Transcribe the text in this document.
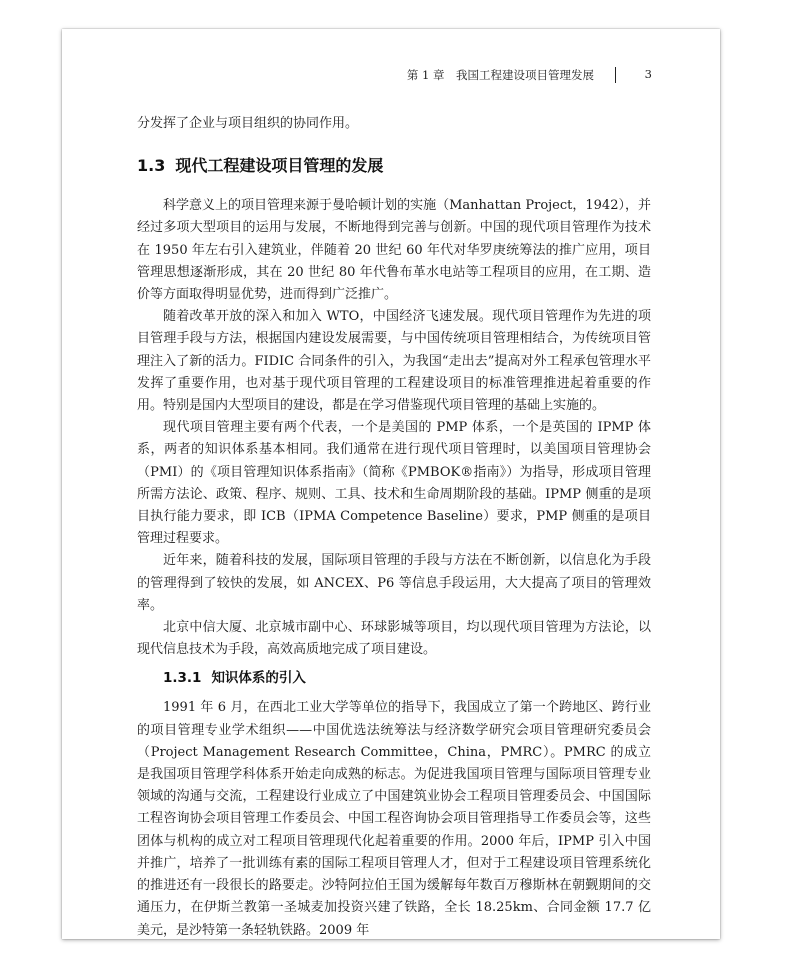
第 1 章　我国工程建设项目管理发展	3

分发挥了企业与项目组织的协同作用。

1.3 现代工程建设项目管理的发展

科学意义上的项目管理来源于曼哈顿计划的实施（Manhattan Project，1942），并经过多项大型项目的运用与发展，不断地得到完善与创新。中国的现代项目管理作为技术在 1950 年左右引入建筑业，伴随着 20 世纪 60 年代对华罗庚统筹法的推广应用，项目管理思想逐渐形成，其在 20 世纪 80 年代鲁布革水电站等工程项目的应用，在工期、造价等方面取得明显优势，进而得到广泛推广。

随着改革开放的深入和加入 WTO，中国经济飞速发展。现代项目管理作为先进的项目管理手段与方法，根据国内建设发展需要，与中国传统项目管理相结合，为传统项目管理注入了新的活力。FIDIC 合同条件的引入，为我国“走出去”提高对外工程承包管理水平发挥了重要作用，也对基于现代项目管理的工程建设项目的标准管理推进起着重要的作用。特别是国内大型项目的建设，都是在学习借鉴现代项目管理的基础上实施的。

现代项目管理主要有两个代表，一个是美国的 PMP 体系，一个是英国的 IPMP 体系，两者的知识体系基本相同。我们通常在进行现代项目管理时，以美国项目管理协会（PMI）的《项目管理知识体系指南》（简称《PMBOK®指南》）为指导，形成项目管理所需方法论、政策、程序、规则、工具、技术和生命周期阶段的基础。IPMP 侧重的是项目执行能力要求，即 ICB（IPMA Competence Baseline）要求，PMP 侧重的是项目管理过程要求。

近年来，随着科技的发展，国际项目管理的手段与方法在不断创新，以信息化为手段的管理得到了较快的发展，如 ANCEX、P6 等信息手段运用，大大提高了项目的管理效率。

北京中信大厦、北京城市副中心、环球影城等项目，均以现代项目管理为方法论，以现代信息技术为手段，高效高质地完成了项目建设。

1.3.1 知识体系的引入

1991 年 6 月，在西北工业大学等单位的指导下，我国成立了第一个跨地区、跨行业的项目管理专业学术组织——中国优选法统筹法与经济数学研究会项目管理研究委员会（Project Management Research Committee，China，PMRC）。PMRC 的成立是我国项目管理学科体系开始走向成熟的标志。为促进我国项目管理与国际项目管理专业领域的沟通与交流，工程建设行业成立了中国建筑业协会工程项目管理委员会、中国国际工程咨询协会项目管理工作委员会、中国工程咨询协会项目管理指导工作委员会等，这些团体与机构的成立对工程项目管理现代化起着重要的作用。2000 年后，IPMP 引入中国并推广，培养了一批训练有素的国际工程项目管理人才，但对于工程建设项目管理系统化的推进还有一段很长的路要走。沙特阿拉伯王国为缓解每年数百万穆斯林在朝觐期间的交通压力，在伊斯兰教第一圣城麦加投资兴建了铁路，全长 18.25km、合同金额 17.7 亿美元，是沙特第一条轻轨铁路。2009 年
